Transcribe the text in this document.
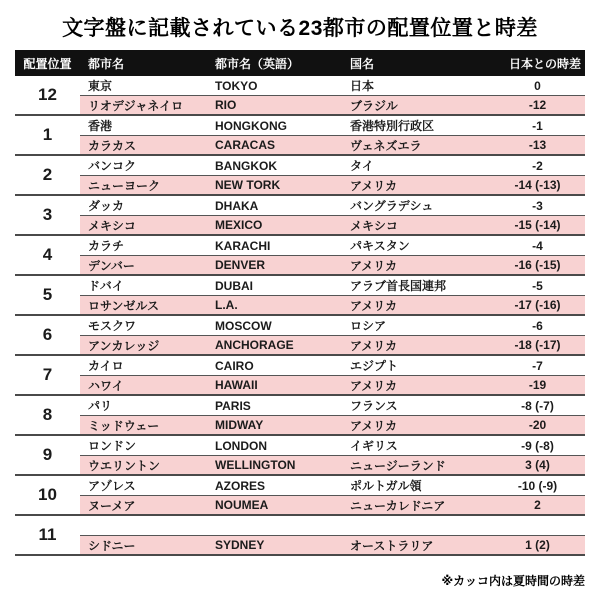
文字盤に記載されている23都市の配置位置と時差
配置位置	都市名	都市名（英語）	国名	日本との時差
12	東京	TOKYO	日本	0
リオデジャネイロ	RIO	ブラジル	-12
1	香港	HONGKONG	香港特別行政区	-1
カラカス	CARACAS	ヴェネズエラ	-13
2	バンコク	BANGKOK	タイ	-2
ニューヨーク	NEW TORK	アメリカ	-14 (-13)
3	ダッカ	DHAKA	バングラデシュ	-3
メキシコ	MEXICO	メキシコ	-15 (-14)
4	カラチ	KARACHI	パキスタン	-4
デンバー	DENVER	アメリカ	-16 (-15)
5	ドバイ	DUBAI	アラブ首長国連邦	-5
ロサンゼルス	L.A.	アメリカ	-17 (-16)
6	モスクワ	MOSCOW	ロシア	-6
アンカレッジ	ANCHORAGE	アメリカ	-18 (-17)
7	カイロ	CAIRO	エジプト	-7
ハワイ	HAWAII	アメリカ	-19
8	パリ	PARIS	フランス	-8 (-7)
ミッドウェー	MIDWAY	アメリカ	-20
9	ロンドン	LONDON	イギリス	-9 (-8)
ウエリントン	WELLINGTON	ニュージーランド	3 (4)
10	アゾレス	AZORES	ポルトガル領	-10 (-9)
ヌーメア	NOUMEA	ニューカレドニア	2
11
シドニー	SYDNEY	オーストラリア	1 (2)
※カッコ内は夏時間の時差
